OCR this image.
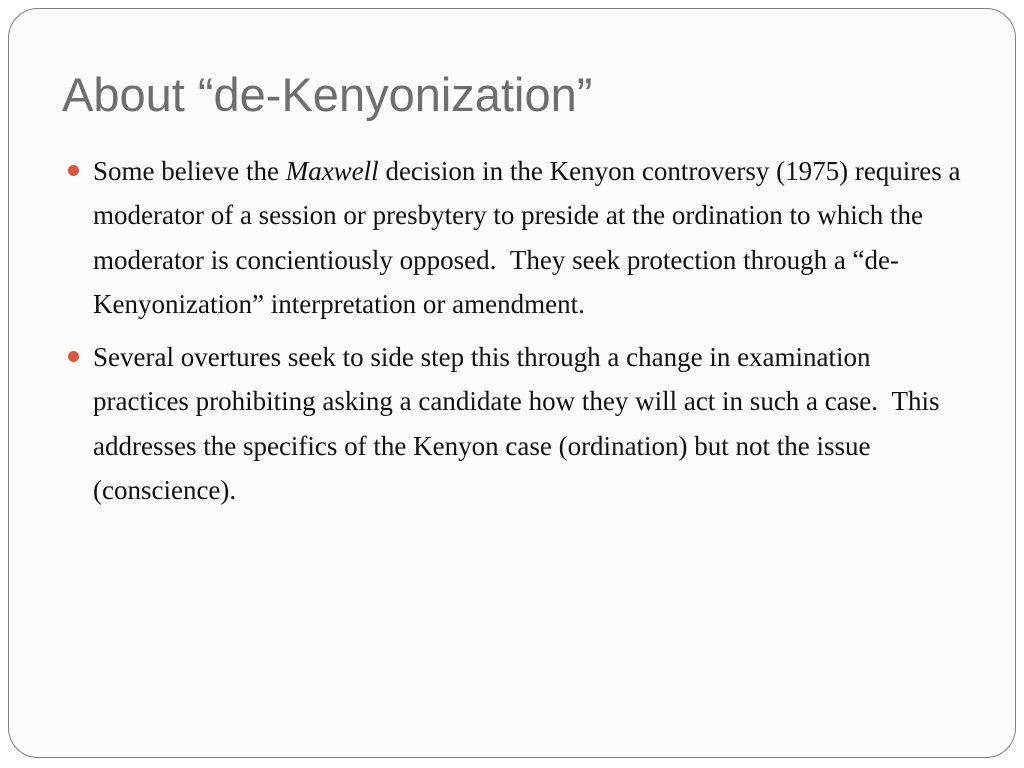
About “de-Kenyonization”
Some believe the Maxwell decision in the Kenyon controversy (1975) requires a moderator of a session or presbytery to preside at the ordination to which the moderator is concientiously opposed. They seek protection through a “de-Kenyonization” interpretation or amendment.
Several overtures seek to side step this through a change in examination practices prohibiting asking a candidate how they will act in such a case. This addresses the specifics of the Kenyon case (ordination) but not the issue (conscience).
